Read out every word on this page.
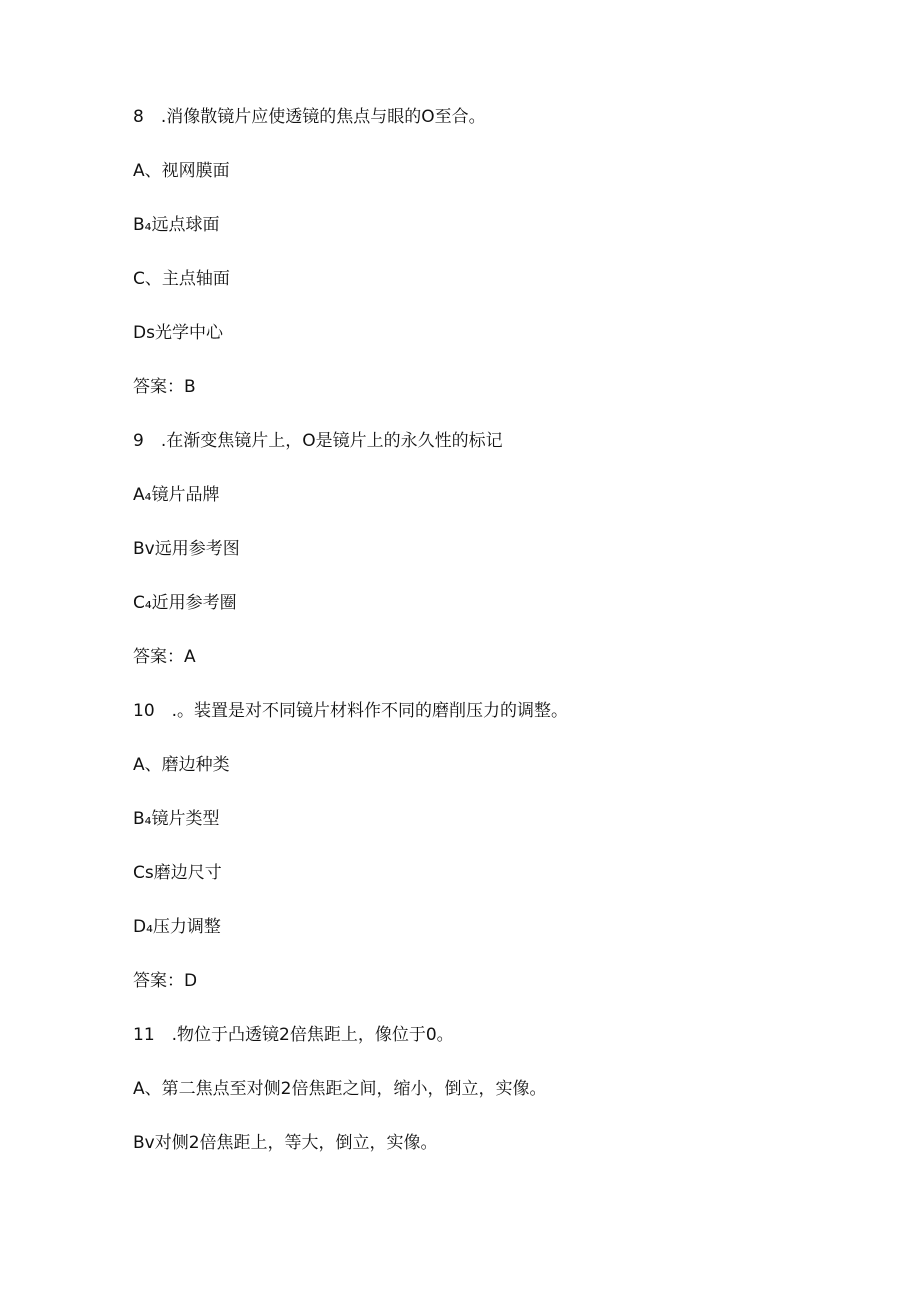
8　.消像散镜片应使透镜的焦点与眼的O至合。
A、视网膜面
B₄远点球面
C、主点轴面
Ds光学中心
答案：B
9　.在渐变焦镜片上，O是镜片上的永久性的标记
A₄镜片品牌
Bv远用参考图
C₄近用参考圈
答案：A
10　.。装置是对不同镜片材料作不同的磨削压力的调整。
A、磨边种类
B₄镜片类型
Cs磨边尺寸
D₄压力调整
答案：D
11　.物位于凸透镜2倍焦距上，像位于0。
A、第二焦点至对侧2倍焦距之间，缩小，倒立，实像。
Bv对侧2倍焦距上，等大，倒立，实像。
